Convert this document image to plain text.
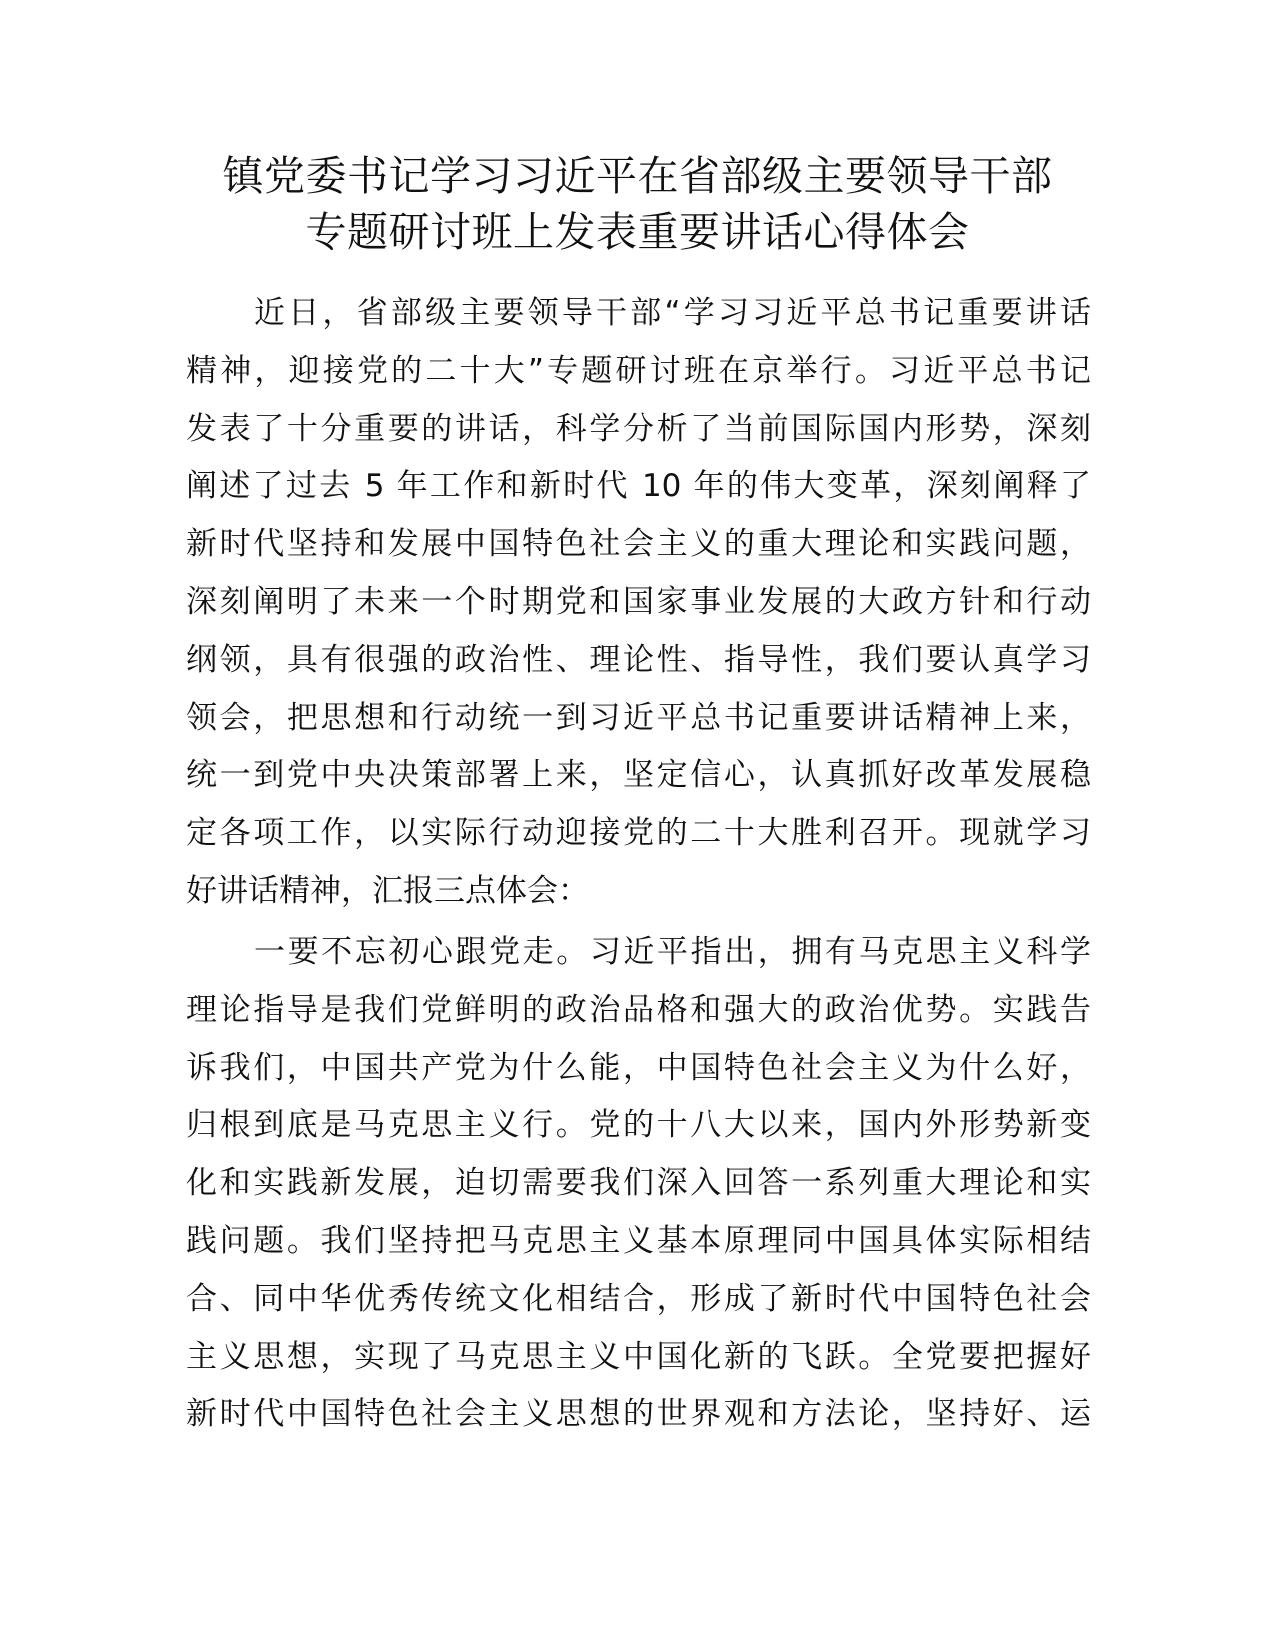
镇党委书记学习习近平在省部级主要领导干部
专题研讨班上发表重要讲话心得体会

近日，省部级主要领导干部“学习习近平总书记重要讲话
精神，迎接党的二十大”专题研讨班在京举行。习近平总书记
发表了十分重要的讲话，科学分析了当前国际国内形势，深刻
阐述了过去 5 年工作和新时代 10 年的伟大变革，深刻阐释了
新时代坚持和发展中国特色社会主义的重大理论和实践问题，
深刻阐明了未来一个时期党和国家事业发展的大政方针和行动
纲领，具有很强的政治性、理论性、指导性，我们要认真学习
领会，把思想和行动统一到习近平总书记重要讲话精神上来，
统一到党中央决策部署上来，坚定信心，认真抓好改革发展稳
定各项工作，以实际行动迎接党的二十大胜利召开。现就学习
好讲话精神，汇报三点体会：

一要不忘初心跟党走。习近平指出，拥有马克思主义科学
理论指导是我们党鲜明的政治品格和强大的政治优势。实践告
诉我们，中国共产党为什么能，中国特色社会主义为什么好，
归根到底是马克思主义行。党的十八大以来，国内外形势新变
化和实践新发展，迫切需要我们深入回答一系列重大理论和实
践问题。我们坚持把马克思主义基本原理同中国具体实际相结
合、同中华优秀传统文化相结合，形成了新时代中国特色社会
主义思想，实现了马克思主义中国化新的飞跃。全党要把握好
新时代中国特色社会主义思想的世界观和方法论，坚持好、运
